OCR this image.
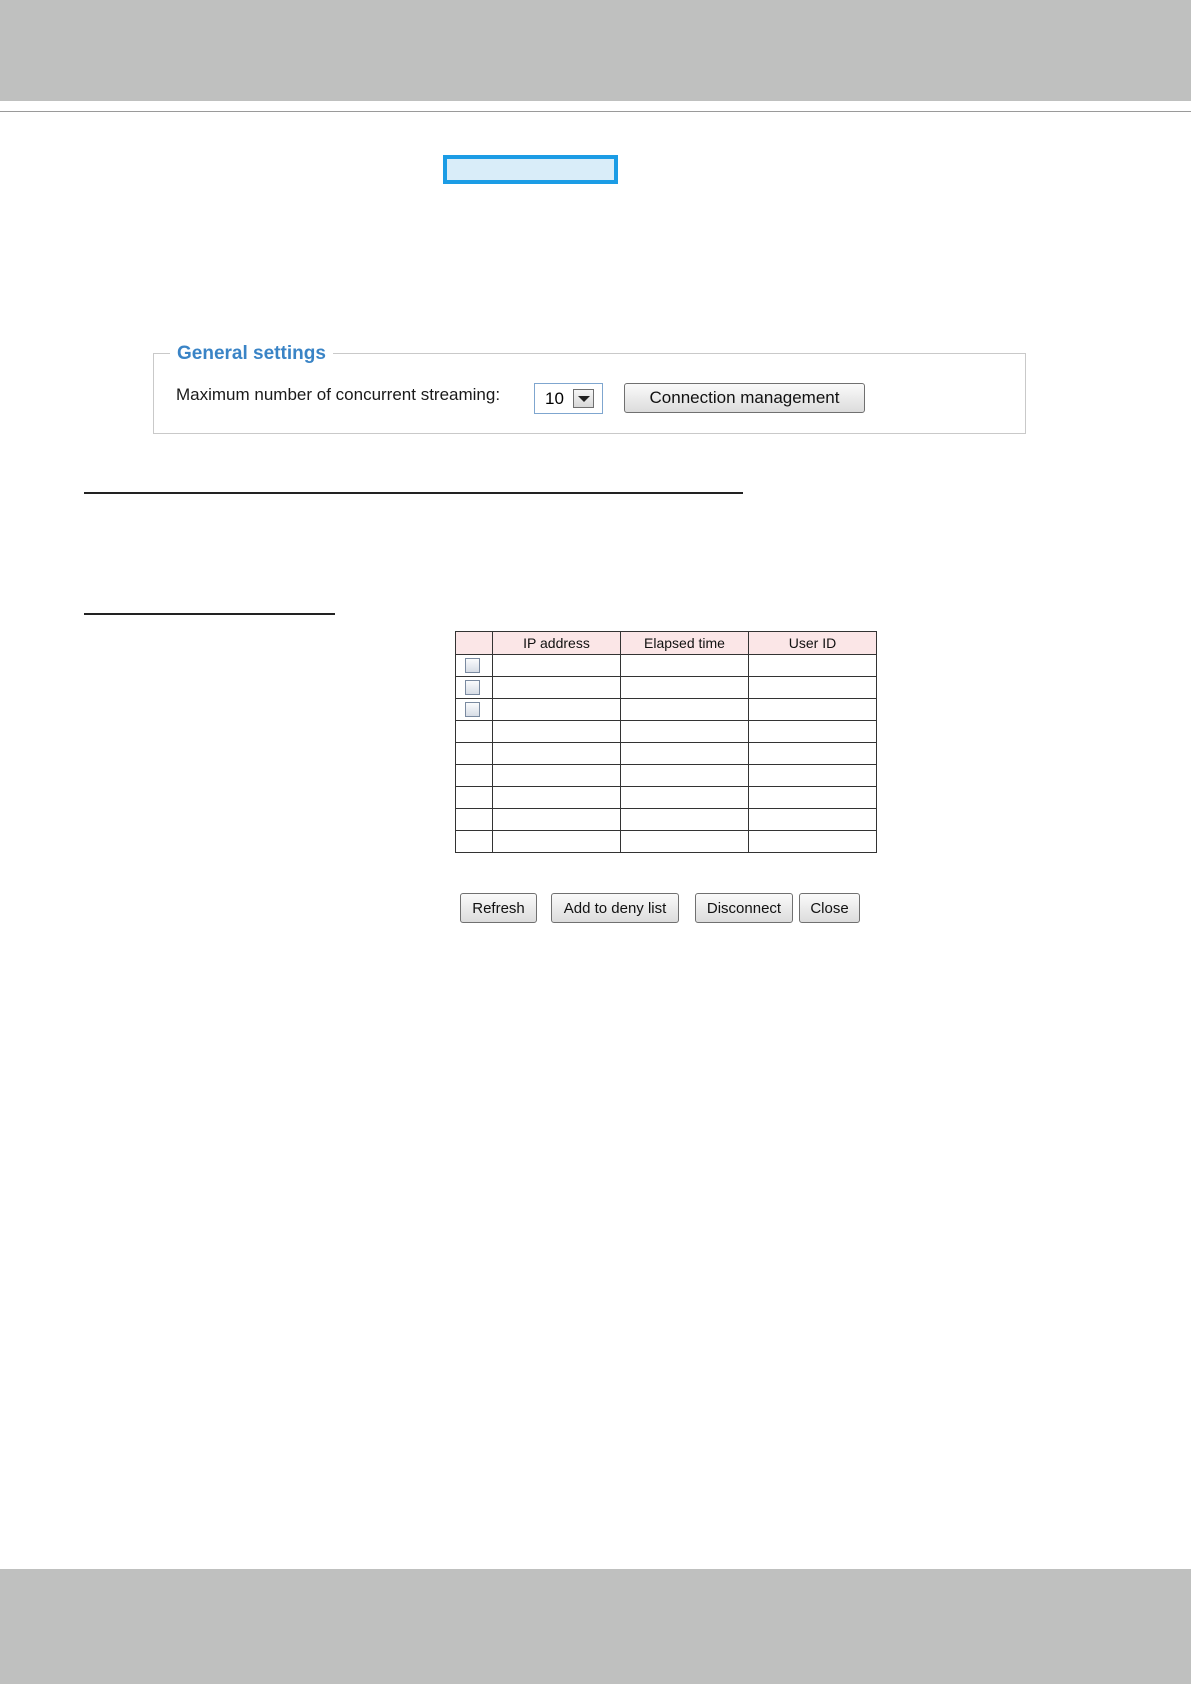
General settings
Maximum number of concurrent streaming:	10	Connection management
	IP address	Elapsed time	User ID

Refresh	Add to deny list	Disconnect	Close
